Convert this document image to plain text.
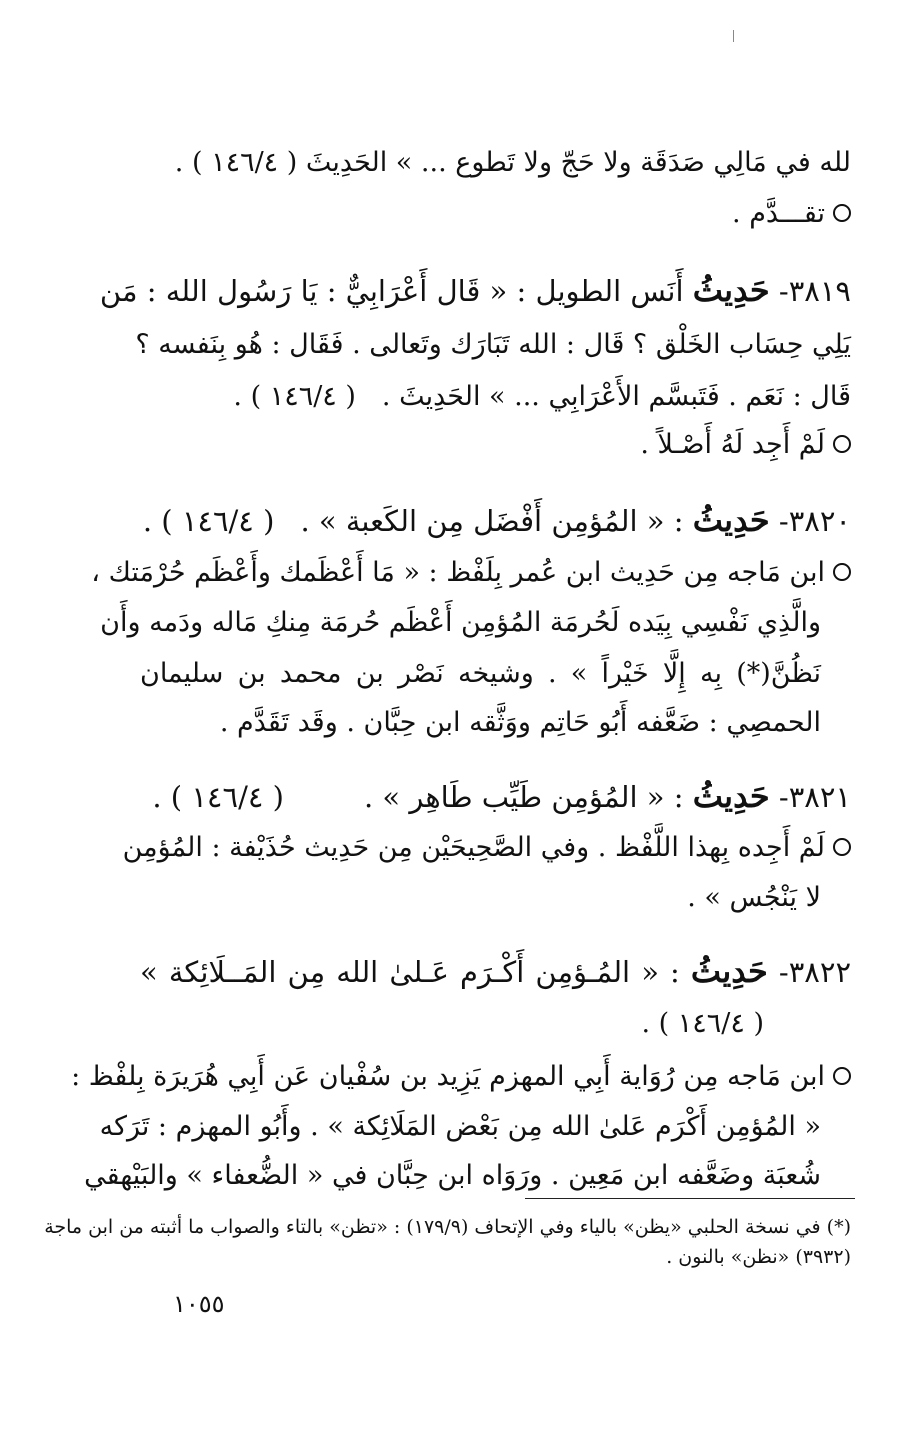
لله في مَالِي صَدَقَة ولا حَجّ ولا تَطوع ... » الحَدِيثَ ( ١٤٦/٤ ) .
تقـــدَّم .
٣٨١٩- حَدِيثُ أَنَس الطويل : « قَال أَعْرَابِيٌّ : يَا رَسُول الله : مَن
يَلِي حِسَاب الخَلْق ؟ قَال : الله تَبَارَك وتَعالى . فَقَال : هُو بِنَفسه ؟
قَال : نَعَم . فَتَبسَّم الأَعْرَابِي ... » الحَدِيثَ .( ١٤٦/٤ ) .
لَمْ أَجِد لَهُ أَصْـلاً .
٣٨٢٠- حَدِيثُ : « المُؤمِن أَفْضَل مِن الكَعبة » .( ١٤٦/٤ ) .
ابن مَاجه مِن حَدِيث ابن عُمر بِلَفْظ : « مَا أَعْظَمك وأَعْظَم حُرْمَتك ،
والَّذِي نَفْسِي بِيَده لَحُرمَة المُؤمِن أَعْظَم حُرمَة مِنكِ مَاله ودَمه وأَن
نَظُنَّ(*) بِه إِلَّا خَيْراً » . وشيخه نَصْر بن محمد بن سليمان
الحمصِي : ضَعَّفه أَبُو حَاتِم ووَثَّقه ابن حِبَّان . وقَد تَقَدَّم .
٣٨٢١- حَدِيثُ : « المُؤمِن طَيِّب طَاهِر » .( ١٤٦/٤ ) .
لَمْ أَجِده بِهذا اللَّفْظ . وفي الصَّحِيحَيْن مِن حَدِيث حُذَيْفة : المُؤمِن
لا يَنْجُس » .
٣٨٢٢- حَدِيثُ : « المُـؤمِن أَكْـرَم عَـلىٰ الله مِن المَــلَائِكة »
( ١٤٦/٤ ) .
ابن مَاجه مِن رُوَاية أَبِي المهزم يَزِيد بن سُفْيان عَن أَبِي هُرَيرَة بِلفْظ :
« المُؤمِن أَكْرَم عَلىٰ الله مِن بَعْض المَلَائِكة » . وأَبُو المهزم : تَرَكه
شُعبَة وضَعَّفه ابن مَعِين . ورَوَاه ابن حِبَّان في « الضُّعفاء » والبَيْهقي
(*) في نسخة الحلبي «يظن» بالياء وفي الإتحاف (١٧٩/٩) : «تظن» بالتاء والصواب ما أثبته من ابن ماجة
(٣٩٣٢) «نظن» بالنون .
١٠٥٥
